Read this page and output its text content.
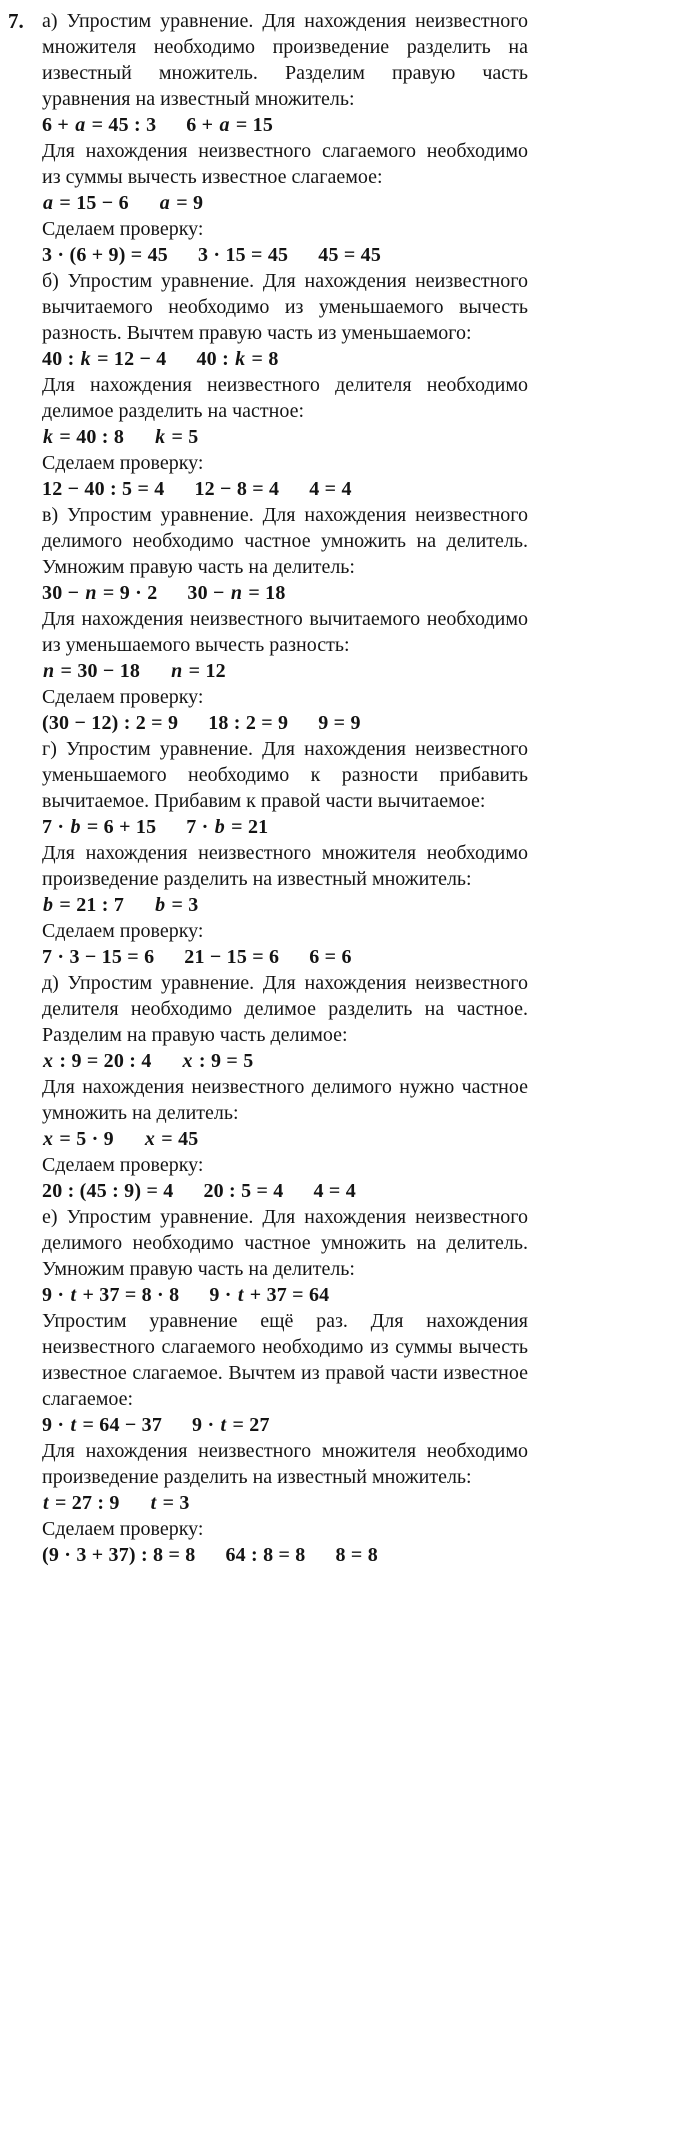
7. а) Упростим уравнение. Для нахождения неизвестного множителя необходимо произведение разделить на известный множитель. Разделим правую часть уравнения на известный множитель:
6 + a = 45 : 3 6 + a = 15
Для нахождения неизвестного слагаемого необходимо из суммы вычесть известное слагаемое:
a = 15 − 6 a = 9
Сделаем проверку:
3 · (6 + 9) = 45 3 · 15 = 45 45 = 45
б) Упростим уравнение. Для нахождения неизвестного вычитаемого необходимо из уменьшаемого вычесть разность. Вычтем правую часть из уменьшаемого:
40 : k = 12 − 4 40 : k = 8
Для нахождения неизвестного делителя необходимо делимое разделить на частное:
k = 40 : 8 k = 5
Сделаем проверку:
12 − 40 : 5 = 4 12 − 8 = 4 4 = 4
в) Упростим уравнение. Для нахождения неизвестного делимого необходимо частное умножить на делитель. Умножим правую часть на делитель:
30 − n = 9 · 2 30 − n = 18
Для нахождения неизвестного вычитаемого необходимо из уменьшаемого вычесть разность:
n = 30 − 18 n = 12
Сделаем проверку:
(30 − 12) : 2 = 9 18 : 2 = 9 9 = 9
г) Упростим уравнение. Для нахождения неизвестного уменьшаемого необходимо к разности прибавить вычитаемое. Прибавим к правой части вычитаемое:
7 · b = 6 + 15 7 · b = 21
Для нахождения неизвестного множителя необходимо произведение разделить на известный множитель:
b = 21 : 7 b = 3
Сделаем проверку:
7 · 3 − 15 = 6 21 − 15 = 6 6 = 6
д) Упростим уравнение. Для нахождения неизвестного делителя необходимо делимое разделить на частное. Разделим на правую часть делимое:
x : 9 = 20 : 4 x : 9 = 5
Для нахождения неизвестного делимого нужно частное умножить на делитель:
x = 5 · 9 x = 45
Сделаем проверку:
20 : (45 : 9) = 4 20 : 5 = 4 4 = 4
е) Упростим уравнение. Для нахождения неизвестного делимого необходимо частное умножить на делитель. Умножим правую часть на делитель:
9 · t + 37 = 8 · 8 9 · t + 37 = 64
Упростим уравнение ещё раз. Для нахождения неизвестного слагаемого необходимо из суммы вычесть известное слагаемое. Вычтем из правой части известное слагаемое:
9 · t = 64 − 37 9 · t = 27
Для нахождения неизвестного множителя необходимо произведение разделить на известный множитель:
t = 27 : 9 t = 3
Сделаем проверку:
(9 · 3 + 37) : 8 = 8 64 : 8 = 8 8 = 8
